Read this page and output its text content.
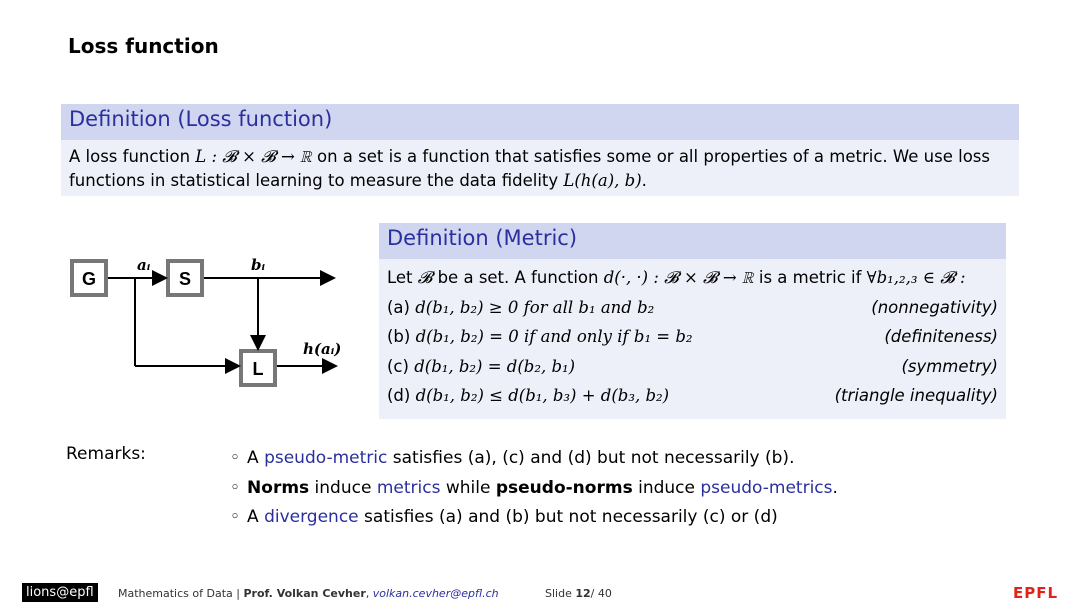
Loss function
Definition (Loss function)
A loss function L : 𝓑 × 𝓑 → ℝ on a set is a function that satisfies some or all properties of a metric. We use loss functions in statistical learning to measure the data fidelity L(h(a), b).
G	S
L
aᵢ	bᵢ
h(aᵢ)
Definition (Metric)
Let 𝓑 be a set. A function d(·, ·) : 𝓑 × 𝓑 → ℝ is a metric if ∀b₁,₂,₃ ∈ 𝓑 :
(a) d(b₁, b₂) ≥ 0 for all b₁ and b₂	(nonnegativity)
(b) d(b₁, b₂) = 0 if and only if b₁ = b₂	(definiteness)
(c) d(b₁, b₂) = d(b₂, b₁)	(symmetry)
(d) d(b₁, b₂) ≤ d(b₁, b₃) + d(b₃, b₂)	(triangle inequality)
Remarks:
◦	A pseudo-metric satisfies (a), (c) and (d) but not necessarily (b).
◦ Norms induce metrics while pseudo-norms induce pseudo-metrics.
◦ A divergence satisfies (a) and (b) but not necessarily (c) or (d)
lions@epfl	Mathematics of Data | Prof. Volkan Cevher, volkan.cevher@epfl.ch	Slide 12/ 40	EPFL
